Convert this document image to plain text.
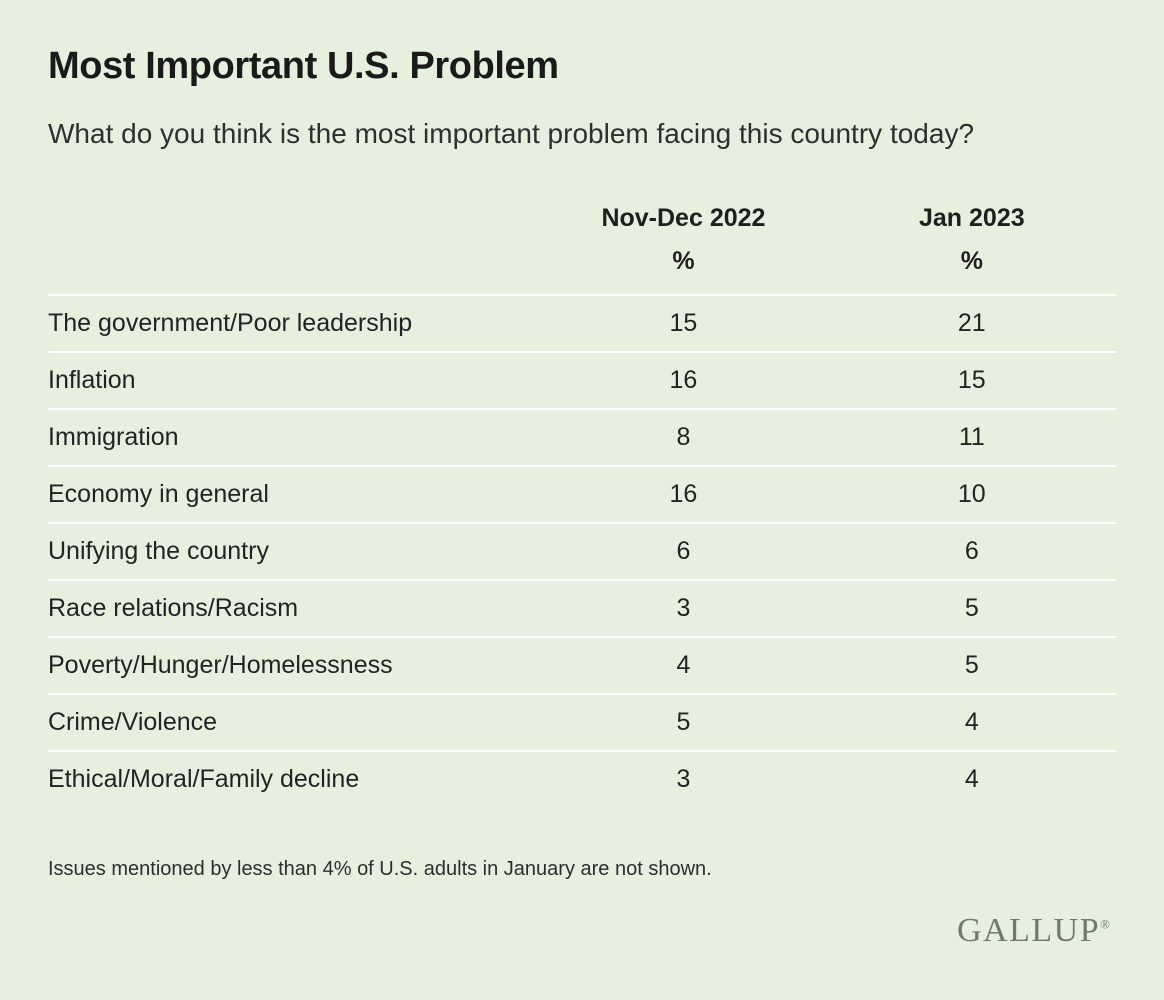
Most Important U.S. Problem
What do you think is the most important problem facing this country today?
	Nov-Dec 2022	Jan 2023
	%	%
The government/Poor leadership	15	21
Inflation	16	15
Immigration	8	11
Economy in general	16	10
Unifying the country	6	6
Race relations/Racism	3	5
Poverty/Hunger/Homelessness	4	5
Crime/Violence	5	4
Ethical/Moral/Family decline	3	4
Issues mentioned by less than 4% of U.S. adults in January are not shown.
GALLUP®
